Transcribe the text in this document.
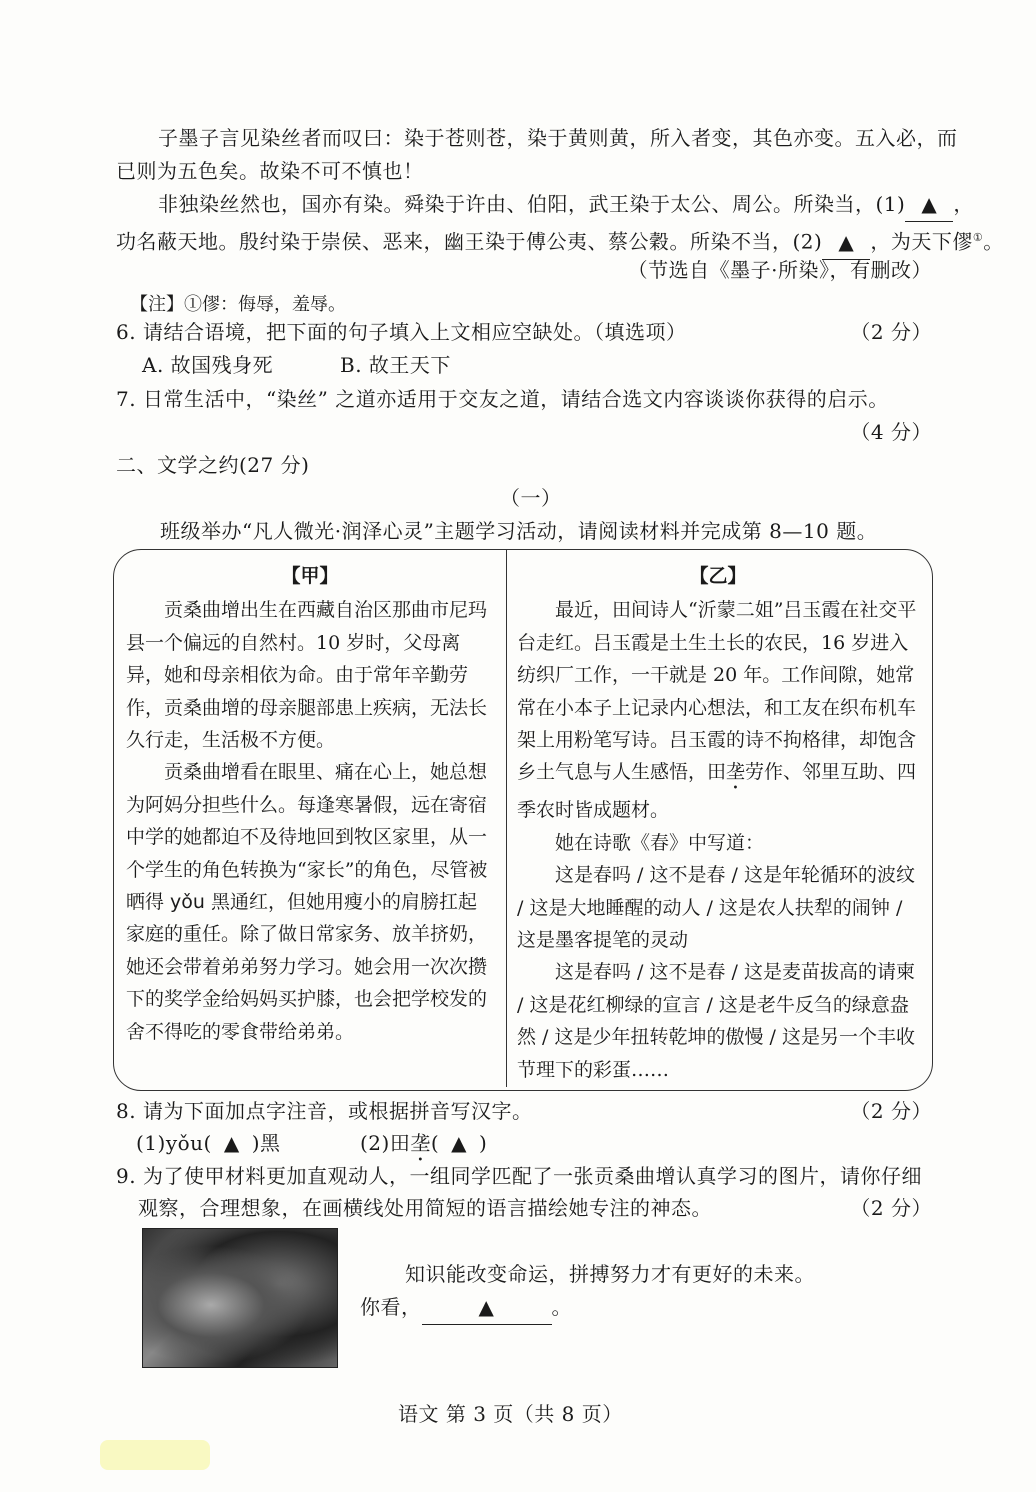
子墨子言见染丝者而叹曰：染于苍则苍，染于黄则黄，所入者变，其色亦变。五入必，而
已则为五色矣。故染不可不慎也！
非独染丝然也，国亦有染。舜染于许由、伯阳，武王染于太公、周公。所染当，(1) ▲ ，
功名蔽天地。殷纣染于崇侯、恶来，幽王染于傅公夷、蔡公穀。所染不当，(2) ▲ ，为天下僇①。
（节选自《墨子·所染》，有删改）
【注】①僇：侮辱，羞辱。
6. 请结合语境，把下面的句子填入上文相应空缺处。（填选项）	（2 分）
A. 故国残身死	B. 故王天下
7. 日常生活中，“染丝” 之道亦适用于交友之道，请结合选文内容谈谈你获得的启示。
（4 分）
二、文学之约(27 分)
（一）
班级举办“凡人微光·润泽心灵”主题学习活动，请阅读材料并完成第 8—10 题。

【甲】

贡桑曲增出生在西藏自治区那曲市尼玛县一个偏远的自然村。10 岁时，父母离异，她和母亲相依为命。由于常年辛勤劳作，贡桑曲增的母亲腿部患上疾病，无法长久行走，生活极不方便。

贡桑曲增看在眼里、痛在心上，她总想为阿妈分担些什么。每逢寒暑假，远在寄宿中学的她都迫不及待地回到牧区家里，从一个学生的角色转换为“家长”的角色，尽管被晒得 yǒu 黑通红，但她用瘦小的肩膀扛起家庭的重任。除了做日常家务、放羊挤奶，她还会带着弟弟努力学习。她会用一次次攒下的奖学金给妈妈买护膝，也会把学校发的舍不得吃的零食带给弟弟。

【乙】

最近，田间诗人“沂蒙二姐”吕玉霞在社交平台走红。吕玉霞是土生土长的农民，16 岁进入纺织厂工作，一干就是 20 年。工作间隙，她常常在小本子上记录内心想法，和工友在织布机车架上用粉笔写诗。吕玉霞的诗不拘格律，却饱含乡土气息与人生感悟，田垄劳作、邻里互助、四季农时皆成题材。

她在诗歌《春》中写道：

这是春吗 / 这不是春 / 这是年轮循环的波纹 / 这是大地睡醒的动人 / 这是农人扶犁的闹钟 / 这是墨客提笔的灵动

这是春吗 / 这不是春 / 这是麦苗拔高的请柬 / 这是花红柳绿的宣言 / 这是老牛反刍的绿意盎然 / 这是少年扭转乾坤的傲慢 / 这是另一个丰收节理下的彩蛋……

8. 请为下面加点字注音，或根据拼音写汉字。	（2 分）
(1)yǒu( ▲ )黑	(2)田垄( ▲ )
9. 为了使甲材料更加直观动人，一组同学匹配了一张贡桑曲增认真学习的图片，请你仔细
观察，合理想象，在画横线处用简短的语言描绘她专注的神态。	（2 分）
知识能改变命运，拼搏努力才有更好的未来。
你看，	▲	。
语文 第 3 页（共 8 页）
